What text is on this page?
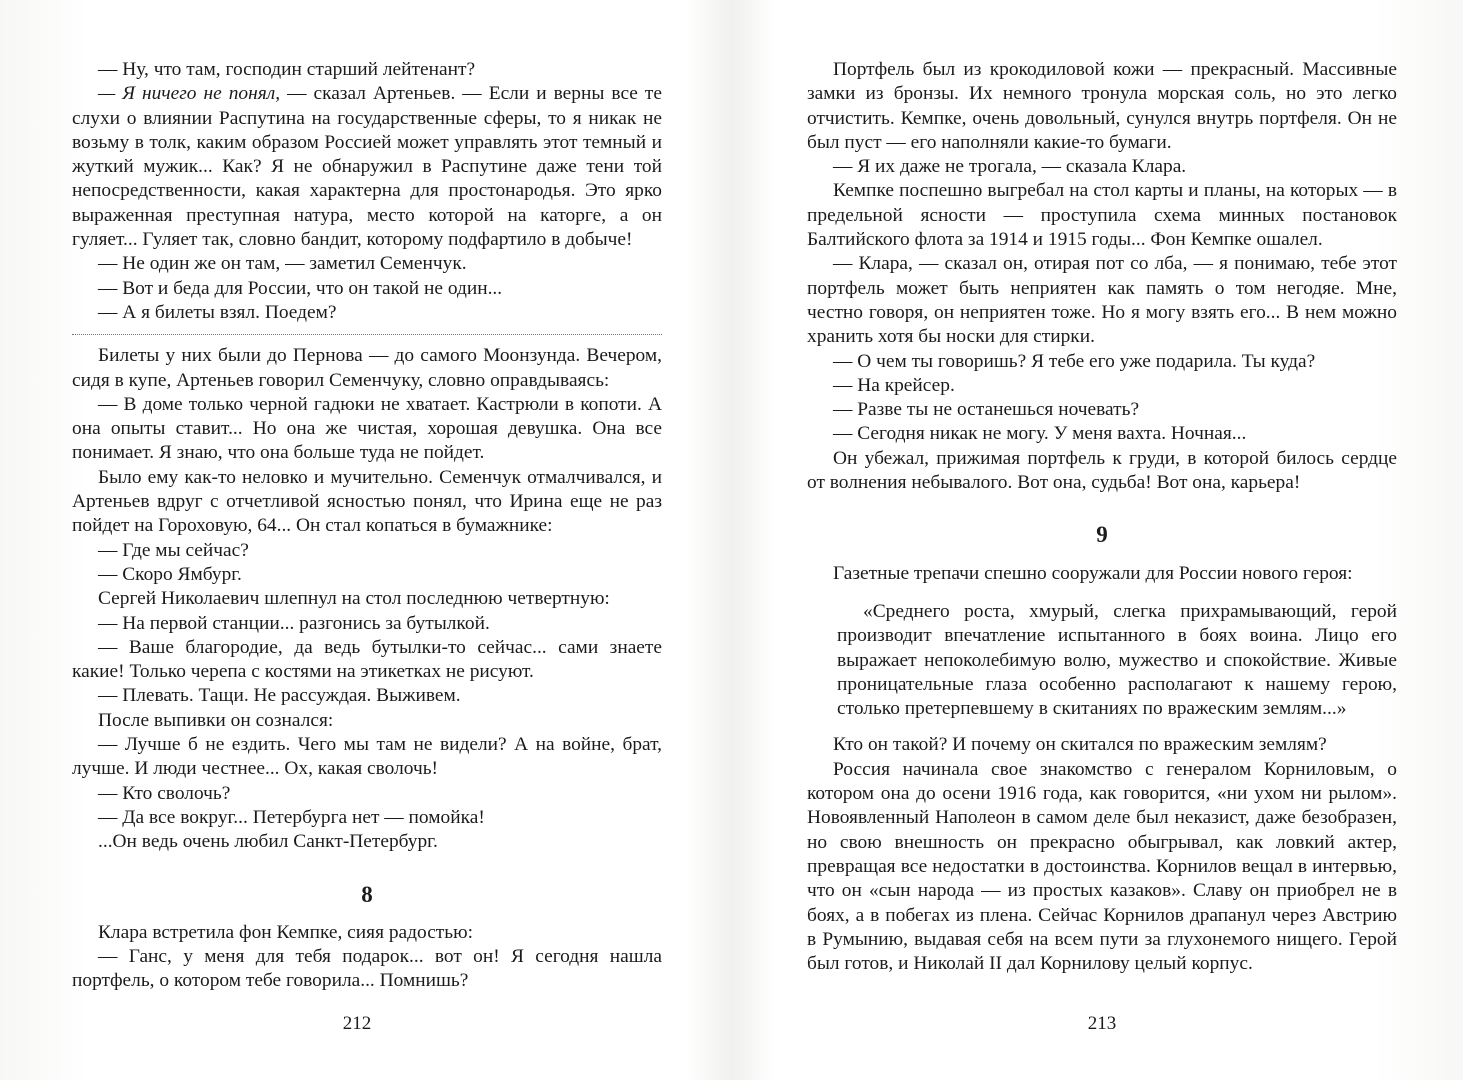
— Ну, что там, господин старший лейтенант?

— Я ничего не понял, — сказал Артеньев. — Если и верны все те слухи о влиянии Распутина на государственные сферы, то я никак не возьму в толк, каким образом Россией может управлять этот темный и жуткий мужик... Как? Я не обнаружил в Распутине даже тени той непосредственности, какая характерна для простонародья. Это ярко выраженная преступная натура, место которой на каторге, а он гуляет... Гуляет так, словно бандит, которому подфартило в добыче!

— Не один же он там, — заметил Семенчук.

— Вот и беда для России, что он такой не один...

— А я билеты взял. Поедем?

Билеты у них были до Пернова — до самого Моонзунда. Вечером, сидя в купе, Артеньев говорил Семенчуку, словно оправдываясь:

— В доме только черной гадюки не хватает. Кастрюли в копоти. А она опыты ставит... Но она же чистая, хорошая девушка. Она все понимает. Я знаю, что она больше туда не пойдет.

Было ему как-то неловко и мучительно. Семенчук отмалчивался, и Артеньев вдруг с отчетливой ясностью понял, что Ирина еще не раз пойдет на Гороховую, 64... Он стал копаться в бумажнике:

— Где мы сейчас?

— Скоро Ямбург.

Сергей Николаевич шлепнул на стол последнюю четвертную:

— На первой станции... разгонись за бутылкой.

— Ваше благородие, да ведь бутылки-то сейчас... сами знаете какие! Только черепа с костями на этикетках не рисуют.

— Плевать. Тащи. Не рассуждая. Выживем.

После выпивки он сознался:

— Лучше б не ездить. Чего мы там не видели? А на войне, брат, лучше. И люди честнее... Ох, какая сволочь!

— Кто сволочь?

— Да все вокруг... Петербурга нет — помойка!

...Он ведь очень любил Санкт-Петербург.

8

Клара встретила фон Кемпке, сияя радостью:

— Ганс, у меня для тебя подарок... вот он! Я сегодня нашла портфель, о котором тебе говорила... Помнишь?

212

Портфель был из крокодиловой кожи — прекрасный. Массивные замки из бронзы. Их немного тронула морская соль, но это легко отчистить. Кемпке, очень довольный, сунулся внутрь портфеля. Он не был пуст — его наполняли какие-то бумаги.

— Я их даже не трогала, — сказала Клара.

Кемпке поспешно выгребал на стол карты и планы, на которых — в предельной ясности — проступила схема минных постановок Балтийского флота за 1914 и 1915 годы... Фон Кемпке ошалел.

— Клара, — сказал он, отирая пот со лба, — я понимаю, тебе этот портфель может быть неприятен как память о том негодяе. Мне, честно говоря, он неприятен тоже. Но я могу взять его... В нем можно хранить хотя бы носки для стирки.

— О чем ты говоришь? Я тебе его уже подарила. Ты куда?

— На крейсер.

— Разве ты не останешься ночевать?

— Сегодня никак не могу. У меня вахта. Ночная...

Он убежал, прижимая портфель к груди, в которой билось сердце от волнения небывалого. Вот она, судьба! Вот она, карьера!

9

Газетные трепачи спешно сооружали для России нового героя:

«Среднего роста, хмурый, слегка прихрамывающий, герой производит впечатление испытанного в боях воина. Лицо его выражает непоколебимую волю, мужество и спокойствие. Живые проницательные глаза особенно располагают к нашему герою, столько претерпевшему в скитаниях по вражеским землям...»

Кто он такой? И почему он скитался по вражеским землям?

Россия начинала свое знакомство с генералом Корниловым, о котором она до осени 1916 года, как говорится, «ни ухом ни рылом». Новоявленный Наполеон в самом деле был неказист, даже безобразен, но свою внешность он прекрасно обыгрывал, как ловкий актер, превращая все недостатки в достоинства. Корнилов вещал в интервью, что он «сын народа — из простых казаков». Славу он приобрел не в боях, а в побегах из плена. Сейчас Корнилов драпанул через Австрию в Румынию, выдавая себя на всем пути за глухонемого нищего. Герой был готов, и Николай II дал Корнилову целый корпус.

213
